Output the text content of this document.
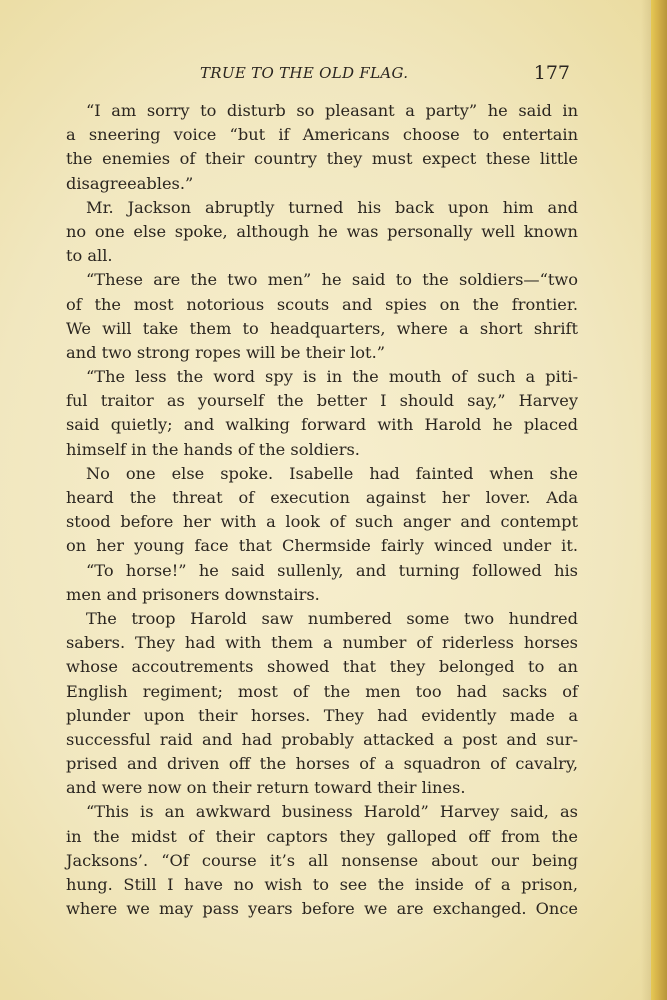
TRUE TO THE OLD FLAG.	177
“I am sorry to disturb so pleasant a party” he said in
a sneering voice “but if Americans choose to entertain
the enemies of their country they must expect these little
disagreeables.”
Mr. Jackson abruptly turned his back upon him and
no one else spoke, although he was personally well known
to all.
“These are the two men” he said to the soldiers—“two
of the most notorious scouts and spies on the frontier.
We will take them to headquarters, where a short shrift
and two strong ropes will be their lot.”
“The less the word spy is in the mouth of such a piti-
ful traitor as yourself the better I should say,” Harvey
said quietly; and walking forward with Harold he placed
himself in the hands of the soldiers.
No one else spoke. Isabelle had fainted when she
heard the threat of execution against her lover. Ada
stood before her with a look of such anger and contempt
on her young face that Chermside fairly winced under it.
“To horse!” he said sullenly, and turning followed his
men and prisoners downstairs.
The troop Harold saw numbered some two hundred
sabers. They had with them a number of riderless horses
whose accoutrements showed that they belonged to an
English regiment; most of the men too had sacks of
plunder upon their horses. They had evidently made a
successful raid and had probably attacked a post and sur-
prised and driven off the horses of a squadron of cavalry,
and were now on their return toward their lines.
“This is an awkward business Harold” Harvey said, as
in the midst of their captors they galloped off from the
Jacksons’. “Of course it’s all nonsense about our being
hung. Still I have no wish to see the inside of a prison,
where we may pass years before we are exchanged. Once
